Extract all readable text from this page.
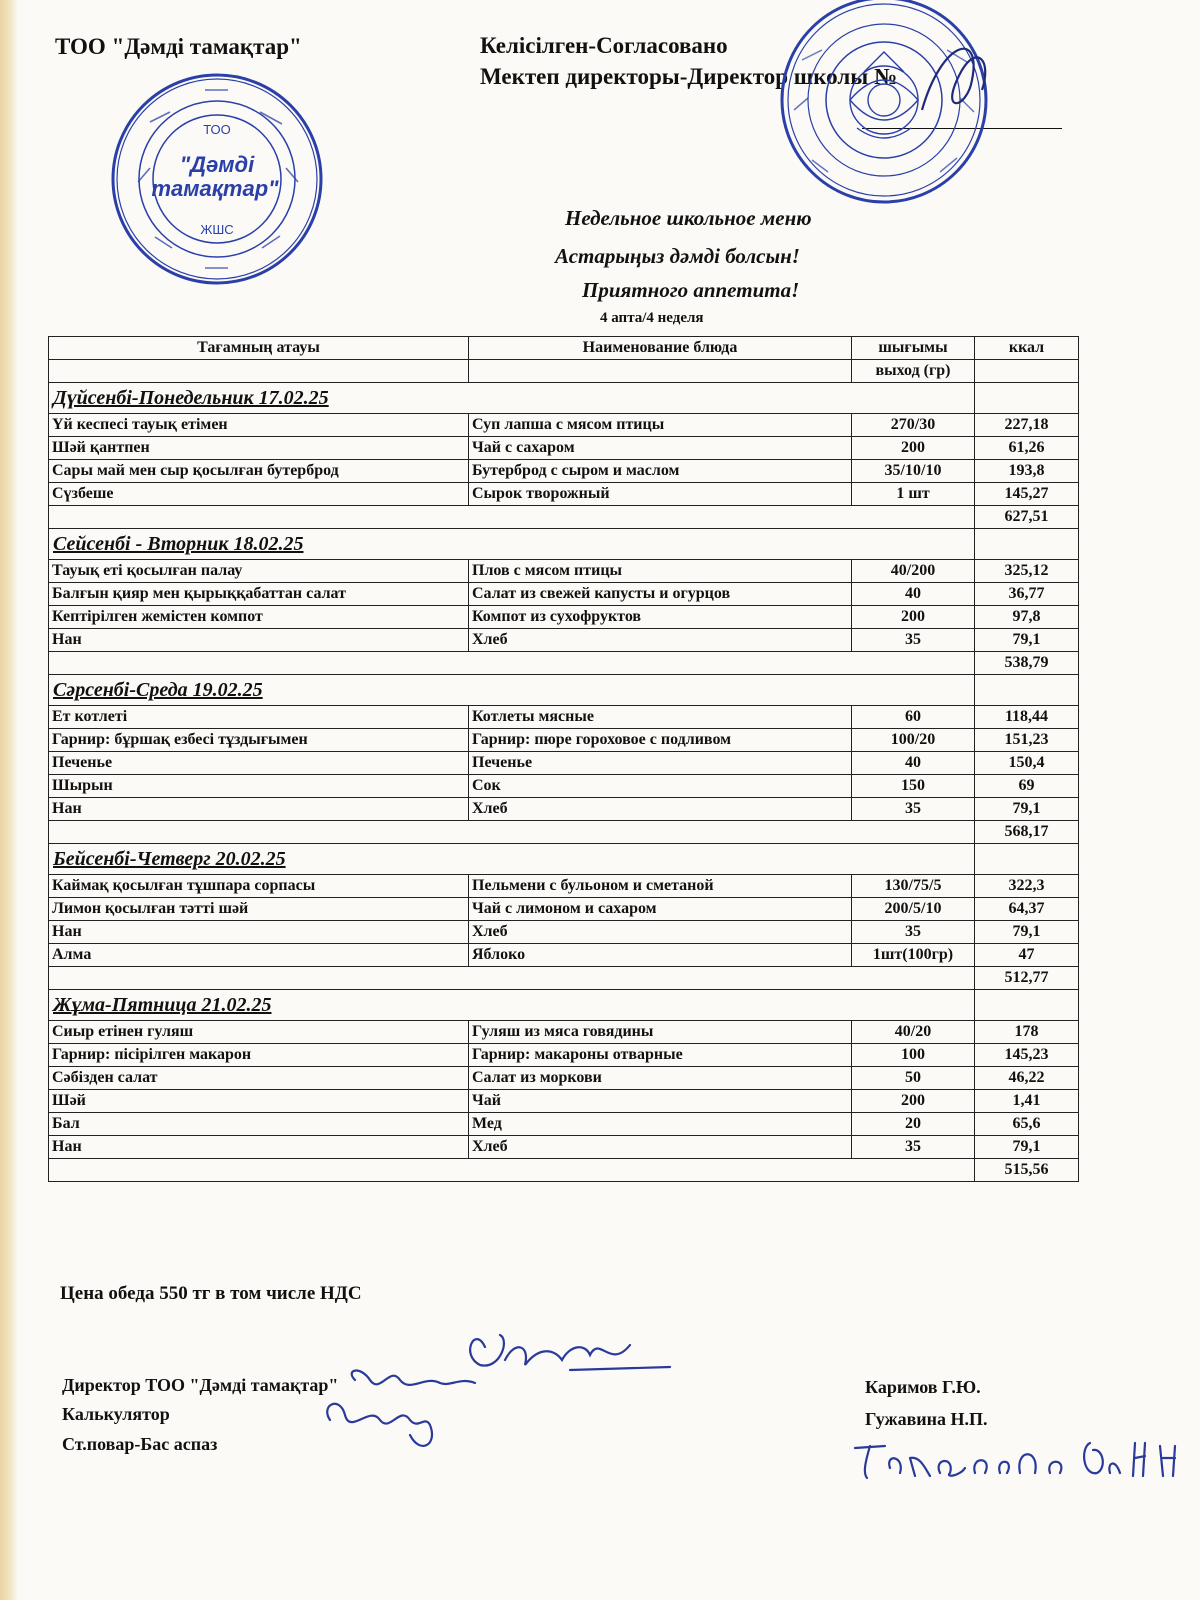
ТОО "Дәмді тамақтар"	Келісілген-Согласовано
Мектеп директоры-Директор школы №
ТОО
"Дәмді
тамақтар"
ЖШС	Недельное школьное меню
Астарыңыз дәмді болсын!
Приятного аппетита!
4 апта/4 неделя
Тағамның атауы	Наименование блюда	шығымы	ккал
		выход (гр)	
Дүйсенбі-Понедельник 17.02.25			
Үй кеспесі тауық етімен	Суп лапша с мясом птицы	270/30	227,18
Шәй қантпен	Чай с сахаром	200	61,26
Сары май мен сыр қосылған бутерброд	Бутерброд с сыром и маслом	35/10/10	193,8
Сүзбеше	Сырок творожный	1 шт	145,27
			627,51
Сейсенбі - Вторник 18.02.25			
Тауық еті қосылған палау	Плов с мясом птицы	40/200	325,12
Балғын қияр мен қырыққабаттан салат	Салат из свежей капусты и огурцов	40	36,77
Кептірілген жемістен компот	Компот из сухофруктов	200	97,8
Нан	Хлеб	35	79,1
			538,79
Сәрсенбі-Среда 19.02.25			
Ет котлеті	Котлеты мясные	60	118,44
Гарнир: бұршақ езбесі тұздығымен	Гарнир: пюре гороховое с подливом	100/20	151,23
Печенье	Печенье	40	150,4
Шырын	Сок	150	69
Нан	Хлеб	35	79,1
			568,17
Бейсенбі-Четверг 20.02.25			
Каймақ қосылған тұшпара сорпасы	Пельмени с бульоном и сметаной	130/75/5	322,3
Лимон қосылған тәтті шәй	Чай с лимоном и сахаром	200/5/10	64,37
Нан	Хлеб	35	79,1
Алма	Яблоко	1шт(100гр)	47
			512,77
Жұма-Пятница 21.02.25			
Сиыр етінен гуляш	Гуляш из мяса говядины	40/20	178
Гарнир: пісірілген макарон	Гарнир: макароны отварные	100	145,23
Сәбізден салат	Салат из моркови	50	46,22
Шәй	Чай	200	1,41
Бал	Мед	20	65,6
Нан	Хлеб	35	79,1
			515,56
Цена обеда 550 тг в том числе НДС
Директор ТОО "Дәмді тамақтар"
Калькулятор
Ст.повар-Бас аспаз
Каримов Г.Ю.
Гужавина Н.П.
